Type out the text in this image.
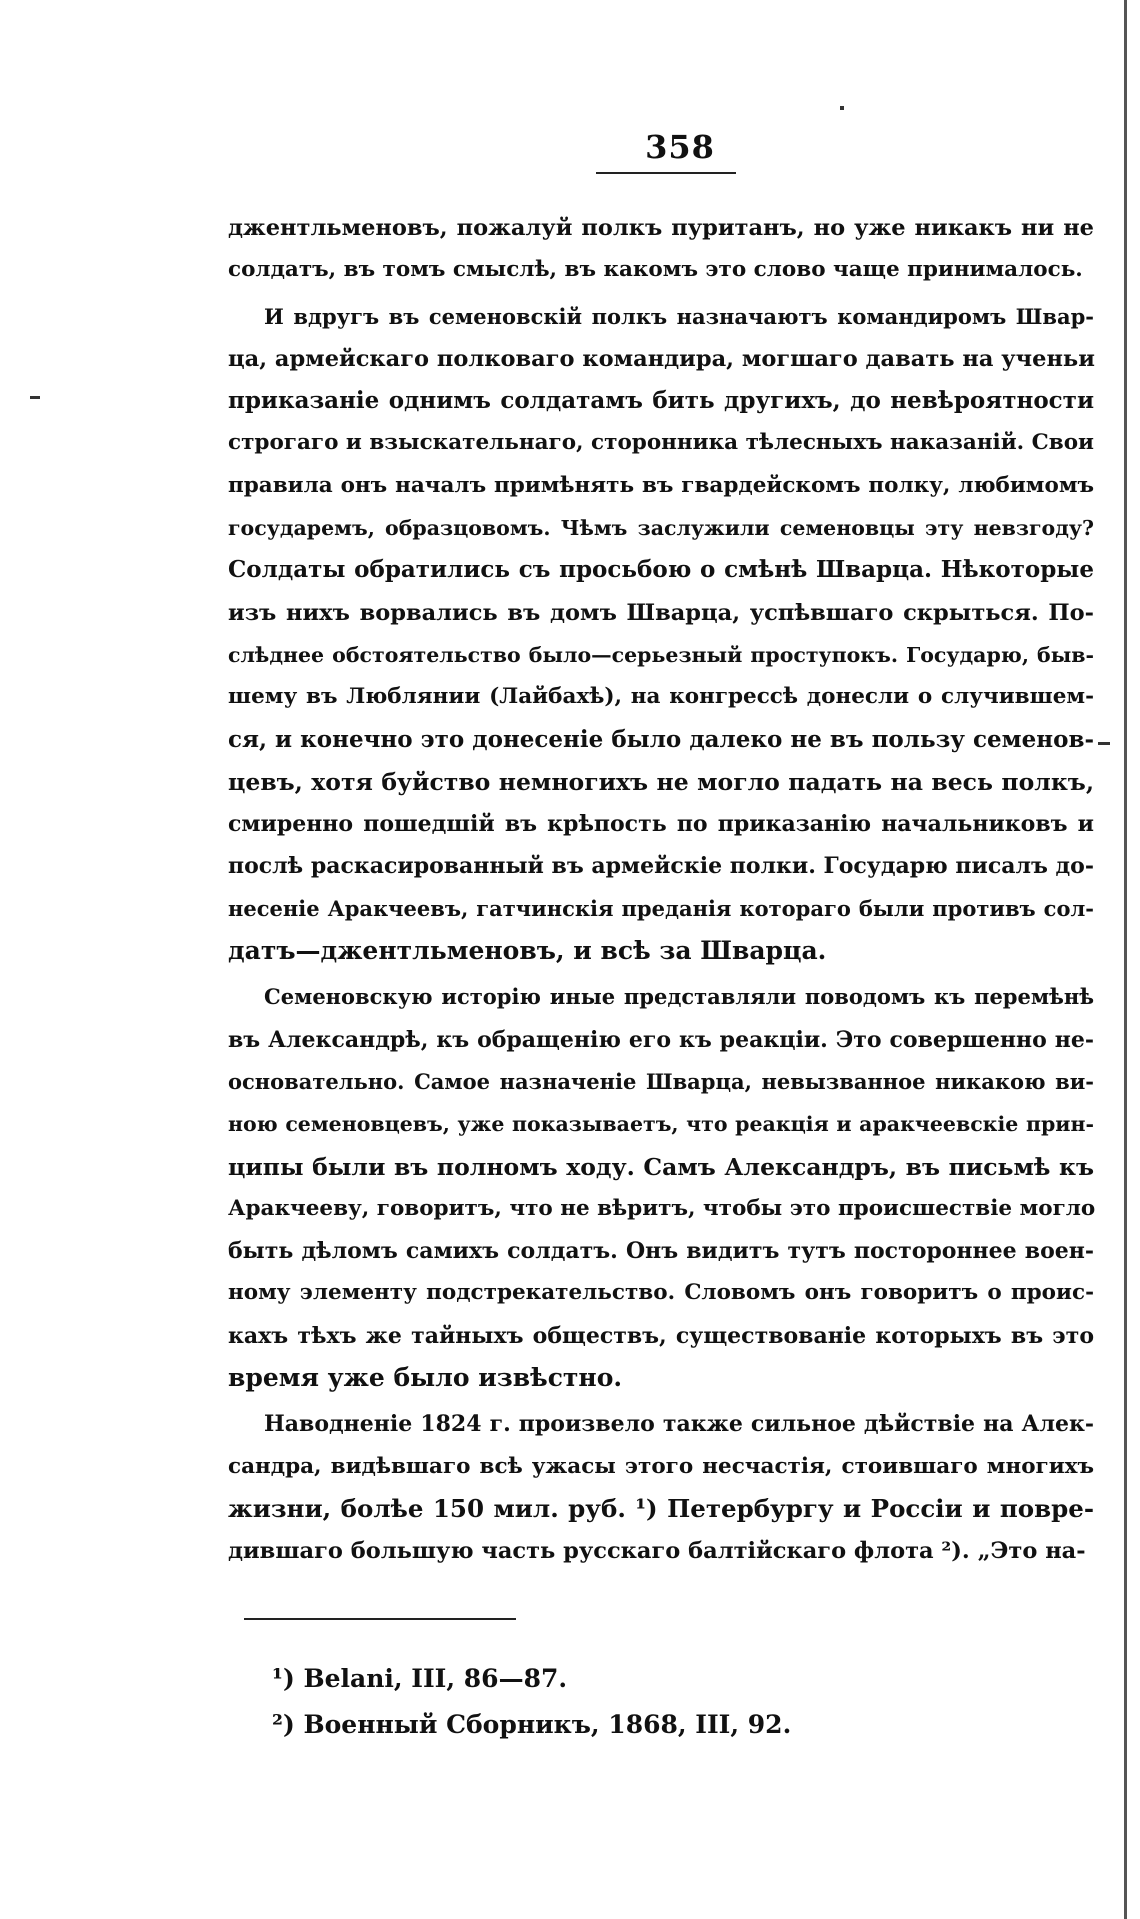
358
джентльменовъ, пожалуй полкъ пуританъ, но уже никакъ ни не
солдатъ, въ томъ смыслѣ, въ какомъ это слово чаще принималось.
И вдругъ въ семеновскій полкъ назначаютъ командиромъ Швар-
ца, армейскаго полковаго командира, могшаго давать на ученьи
приказаніе однимъ солдатамъ бить другихъ, до невѣроятности
строгаго и взыскательнаго, сторонника тѣлесныхъ наказаній. Свои
правила онъ началъ примѣнять въ гвардейскомъ полку, любимомъ
государемъ, образцовомъ. Чѣмъ заслужили семеновцы эту невзгоду?
Солдаты обратились съ просьбою о смѣнѣ Шварца. Нѣкоторые
изъ нихъ ворвались въ домъ Шварца, успѣвшаго скрыться. По-
слѣднее обстоятельство было—серьезный проступокъ. Государю, быв-
шему въ Люблянии (Лайбахѣ), на конгрессѣ донесли о случившем-
ся, и конечно это донесеніе было далеко не въ пользу семенов-
цевъ, хотя буйство немногихъ не могло падать на весь полкъ,
смиренно пошедшій въ крѣпость по приказанію начальниковъ и
послѣ раскасированный въ армейскіе полки. Государю писалъ до-
несеніе Аракчеевъ, гатчинскія преданія котораго были противъ сол-
датъ—джентльменовъ, и всѣ за Шварца.
Семеновскую исторію иные представляли поводомъ къ перемѣнѣ
въ Александрѣ, къ обращенію его къ реакціи. Это совершенно не-
основательно. Самое назначеніе Шварца, невызванное никакою ви-
ною семеновцевъ, уже показываетъ, что реакція и аракчеевскіе прин-
ципы были въ полномъ ходу. Самъ Александръ, въ письмѣ къ
Аракчееву, говоритъ, что не вѣритъ, чтобы это происшествіе могло
быть дѣломъ самихъ солдатъ. Онъ видитъ тутъ постороннее воен-
ному элементу подстрекательство. Словомъ онъ говоритъ о проис-
кахъ тѣхъ же тайныхъ обществъ, существованіе которыхъ въ это
время уже было извѣстно.
Наводненіе 1824 г. произвело также сильное дѣйствіе на Алек-
сандра, видѣвшаго всѣ ужасы этого несчастія, стоившаго многихъ
жизни, болѣе 150 мил. руб. ¹) Петербургу и Россіи и повре-
дившаго большую часть русскаго балтійскаго флота ²). „Это на-
¹) Belani, III, 86—87.
²) Военный Сборникъ, 1868, III, 92.
